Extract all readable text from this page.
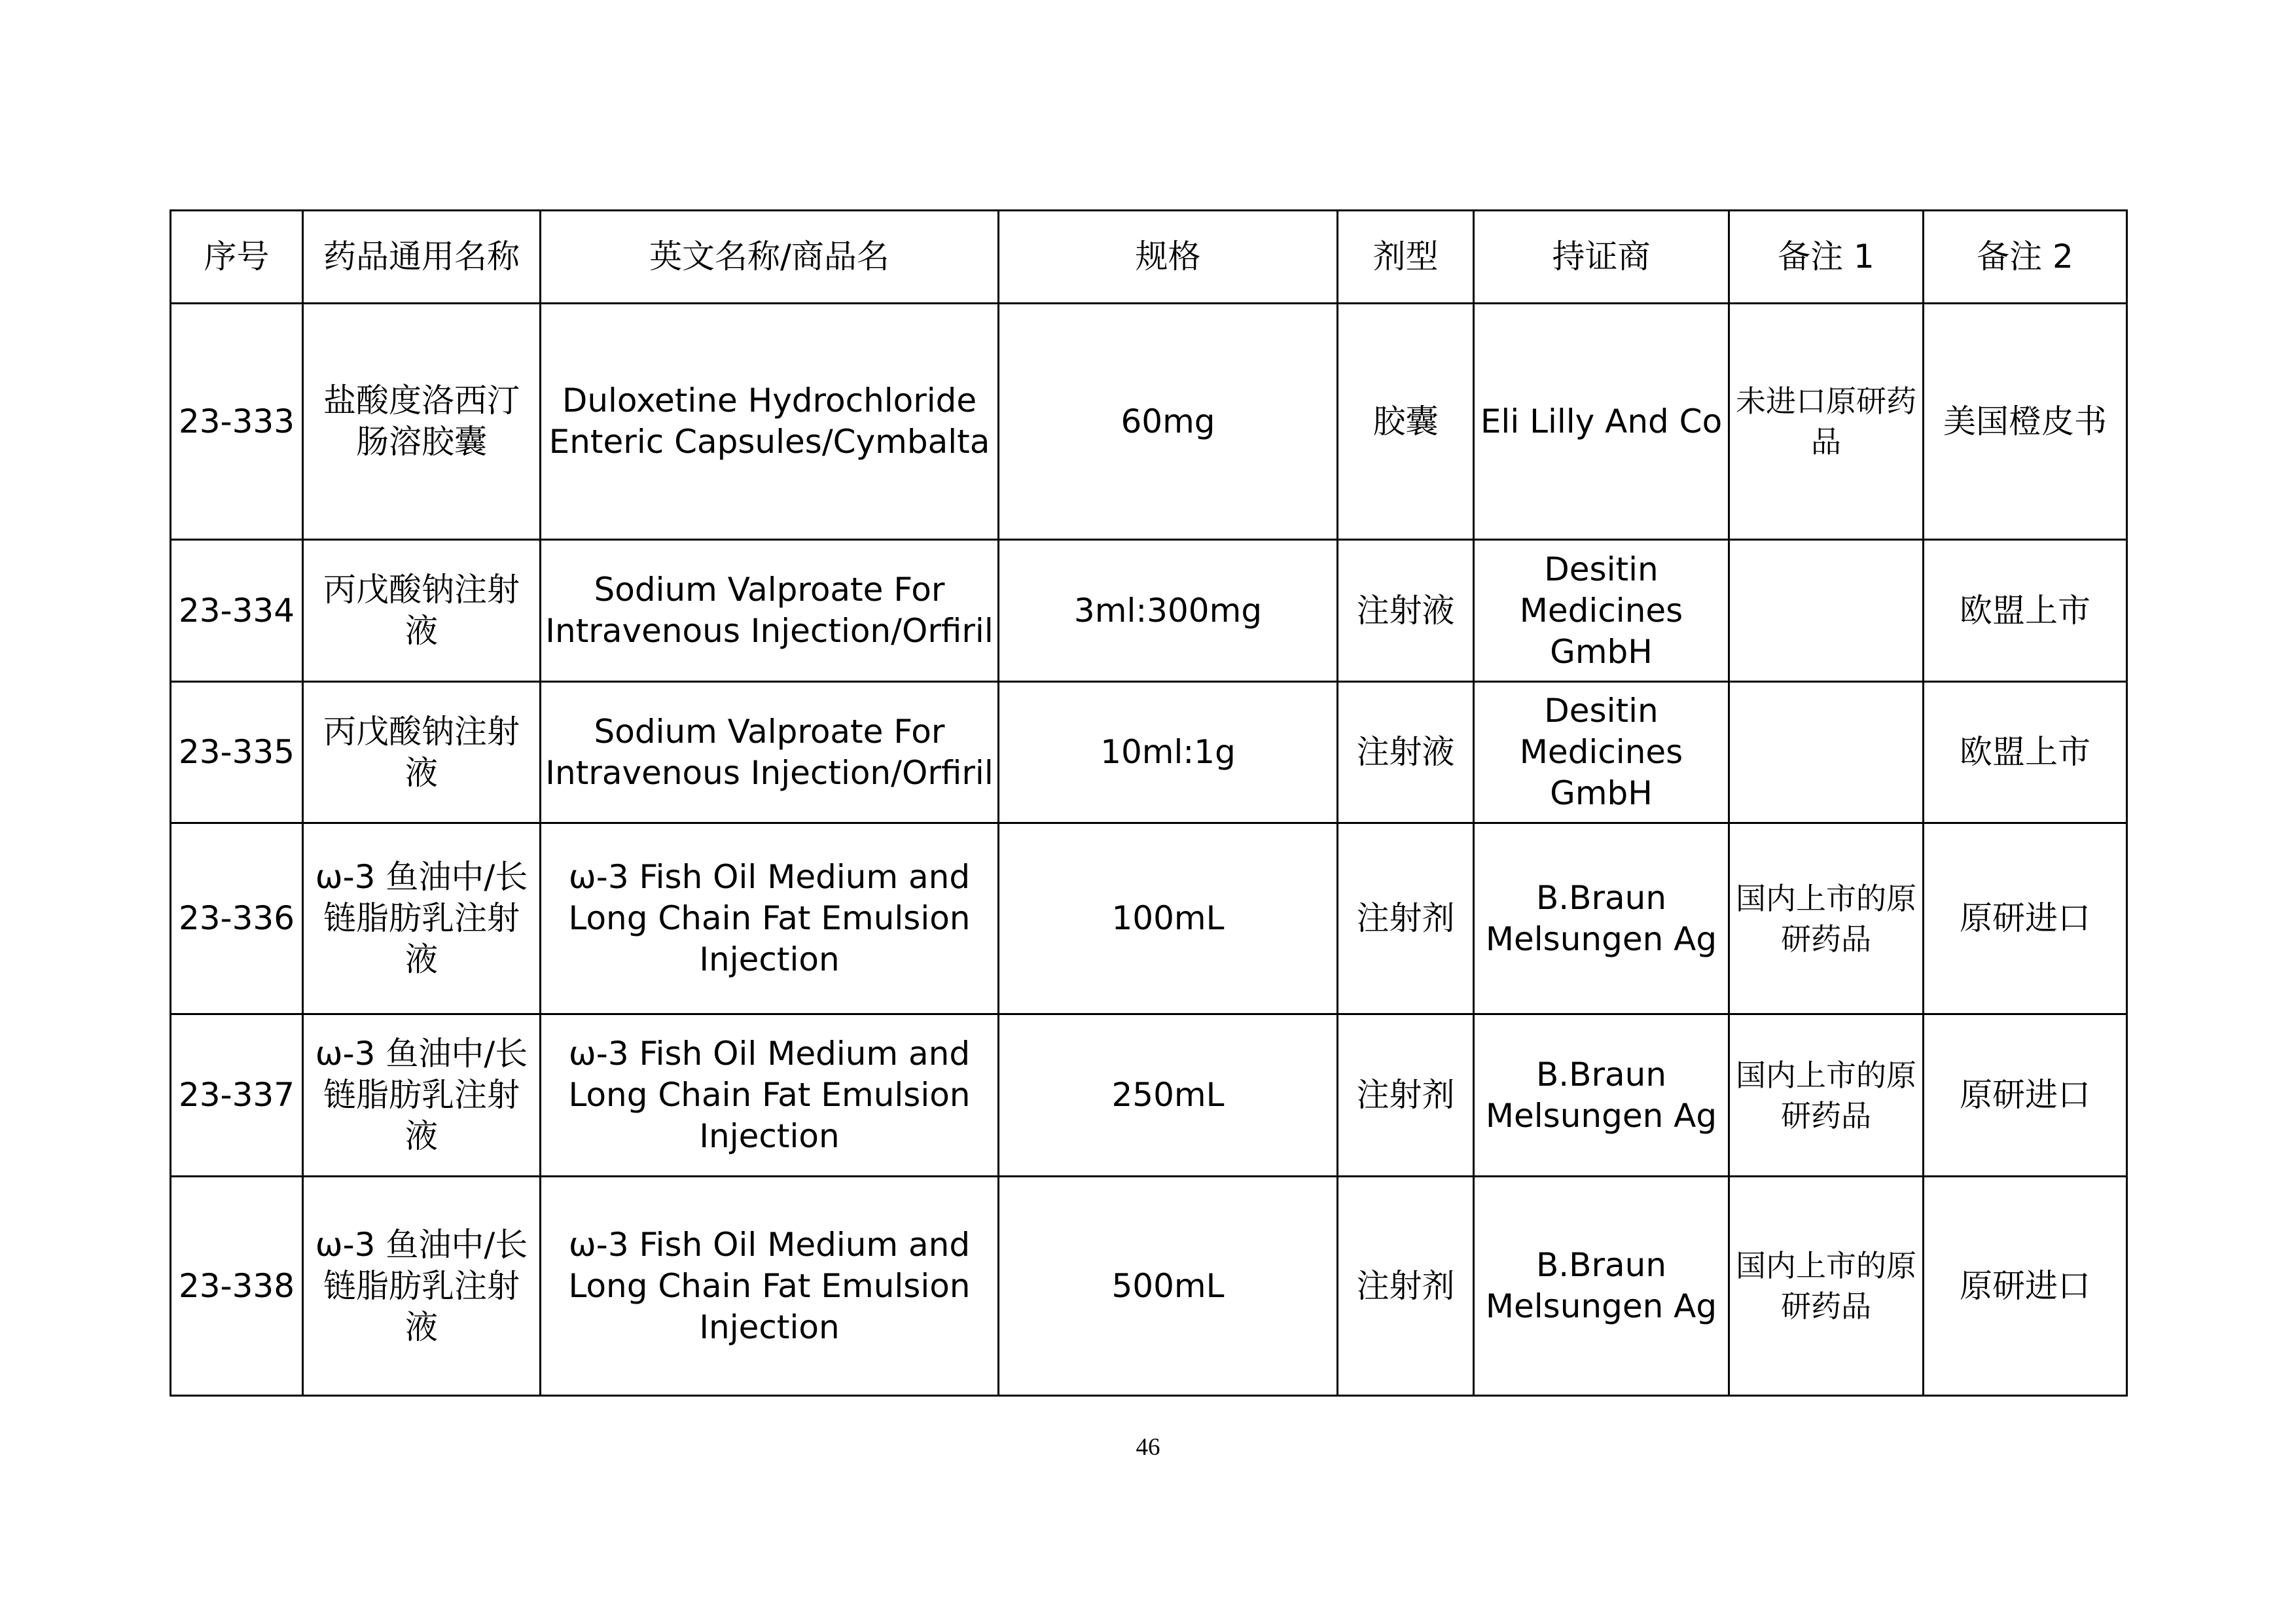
序号	药品通用名称	英文名称/商品名	规格	剂型	持证商	备注 1	备注 2
23-333	盐酸度洛西汀肠溶胶囊	Duloxetine Hydrochloride Enteric Capsules/Cymbalta	60mg	胶囊	Eli Lilly And Co	未进口原研药品	美国橙皮书
23-334	丙戊酸钠注射液	Sodium Valproate For Intravenous Injection/Orfiril	3ml:300mg	注射液	Desitin Medicines GmbH		欧盟上市
23-335	丙戊酸钠注射液	Sodium Valproate For Intravenous Injection/Orfiril	10ml:1g	注射液	Desitin Medicines GmbH		欧盟上市
23-336	ω-3 鱼油中/长链脂肪乳注射液	ω-3 Fish Oil Medium and Long Chain Fat Emulsion Injection	100mL	注射剂	B.Braun Melsungen Ag	国内上市的原研药品	原研进口
23-337	ω-3 鱼油中/长链脂肪乳注射液	ω-3 Fish Oil Medium and Long Chain Fat Emulsion Injection	250mL	注射剂	B.Braun Melsungen Ag	国内上市的原研药品	原研进口
23-338	ω-3 鱼油中/长链脂肪乳注射液	ω-3 Fish Oil Medium and Long Chain Fat Emulsion Injection	500mL	注射剂	B.Braun Melsungen Ag	国内上市的原研药品	原研进口
46
